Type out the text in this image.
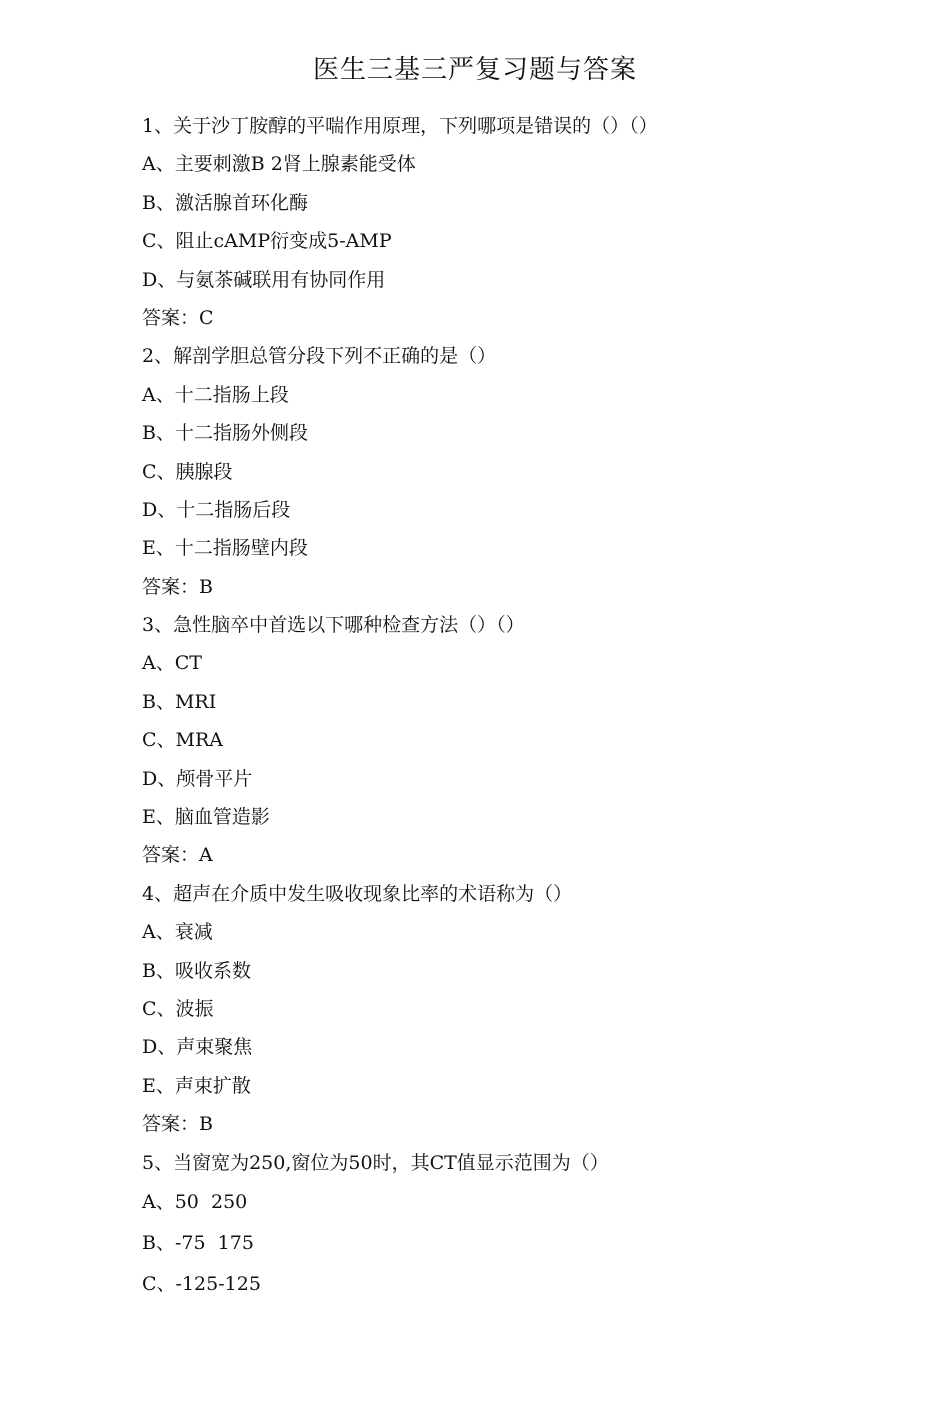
医生三基三严复习题与答案
1、关于沙丁胺醇的平喘作用原理，下列哪项是错误的（）（）
A、主要刺激Β 2肾上腺素能受体
B、激活腺首环化酶
C、阻止cAMP衍变成5-AMP
D、与氨茶碱联用有协同作用
答案：C
2、解剖学胆总管分段下列不正确的是（）
A、十二指肠上段
B、十二指肠外侧段
C、胰腺段
D、十二指肠后段
E、十二指肠壁内段
答案：B
3、急性脑卒中首选以下哪种检查方法（）（）
A、CT
B、MRI
C、MRA
D、颅骨平片
E、脑血管造影
答案：A
4、超声在介质中发生吸收现象比率的术语称为（）
A、衰减
B、吸收系数
C、波振
D、声束聚焦
E、声束扩散
答案：B
5、当窗宽为250,窗位为50时，其CT值显示范围为（）
A、50  250
B、-75  175
C、-125-125
